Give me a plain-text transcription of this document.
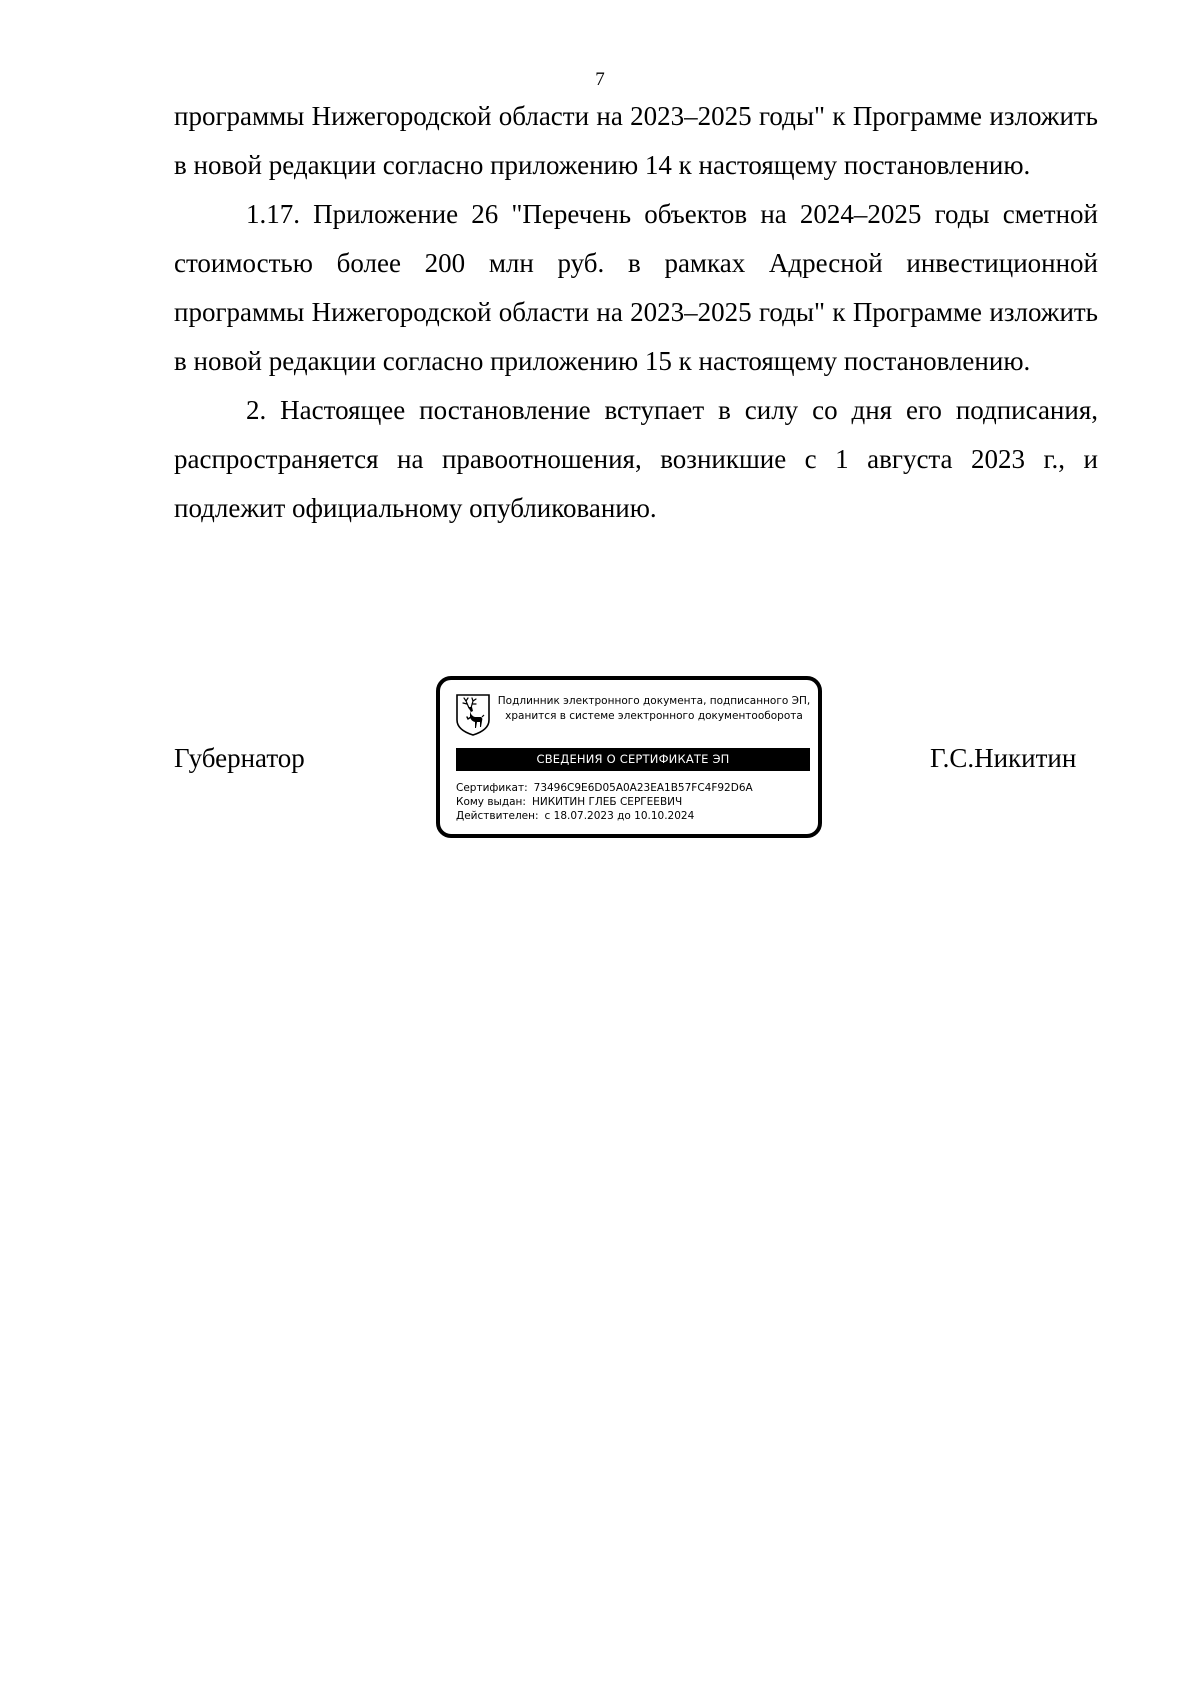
7

программы Нижегородской области на 2023–2025 годы" к Программе изложить в новой редакции согласно приложению 14 к настоящему постановлению.

1.17. Приложение 26 "Перечень объектов на 2024–2025 годы сметной стоимостью более 200 млн руб. в рамках Адресной инвестиционной программы Нижегородской области на 2023–2025 годы" к Программе изложить в новой редакции согласно приложению 15 к настоящему постановлению.

2. Настоящее постановление вступает в силу со дня его подписания, распространяется на правоотношения, возникшие с 1 августа 2023 г., и подлежит официальному опубликованию.

Губернатор
Подлинник электронного документа, подписанного ЭП,
хранится в системе электронного документооборота
СВЕДЕНИЯ О СЕРТИФИКАТЕ ЭП
Сертификат: 73496C9E6D05A0A23EA1B57FC4F92D6A
Кому выдан: НИКИТИН ГЛЕБ СЕРГЕЕВИЧ
Действителен: с 18.07.2023 до 10.10.2024
Г.С.Никитин
